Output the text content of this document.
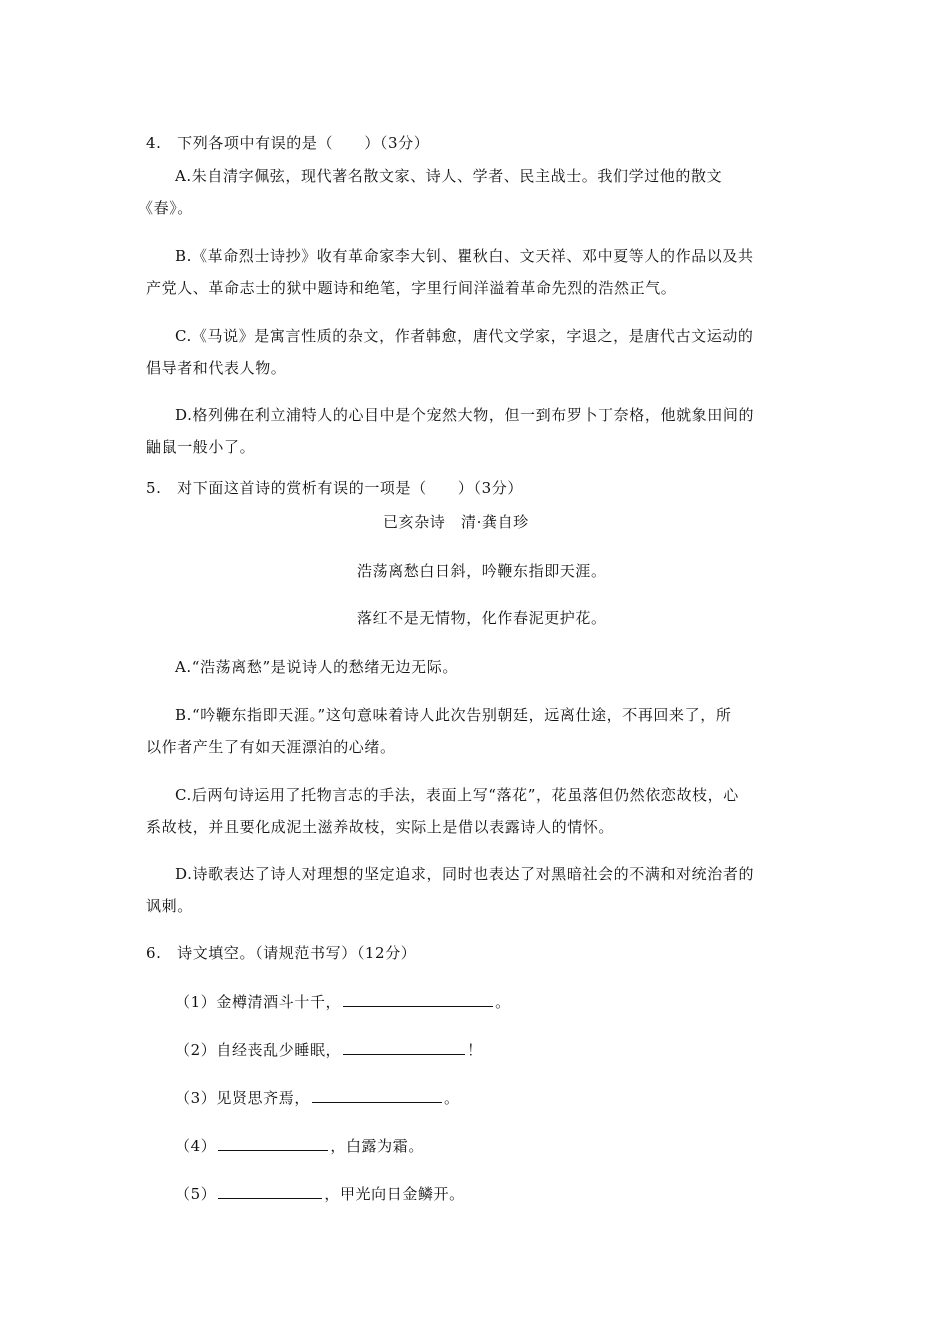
4.　下列各项中有误的是（　　）（3分）
A.朱自清字佩弦，现代著名散文家、诗人、学者、民主战士。我们学过他的散文
《春》。
B.《革命烈士诗抄》收有革命家李大钊、瞿秋白、文天祥、邓中夏等人的作品以及共
产党人、革命志士的狱中题诗和绝笔，字里行间洋溢着革命先烈的浩然正气。
C.《马说》是寓言性质的杂文，作者韩愈，唐代文学家，字退之，是唐代古文运动的
倡导者和代表人物。
D.格列佛在利立浦特人的心目中是个宠然大物，但一到布罗卜丁奈格，他就象田间的
鼬鼠一般小了。
5.　对下面这首诗的赏析有误的一项是（　　）（3分）
已亥杂诗　清·龚自珍
浩荡离愁白日斜，吟鞭东指即天涯。
落红不是无情物，化作春泥更护花。
A.“浩荡离愁”是说诗人的愁绪无边无际。
B.“吟鞭东指即天涯。”这句意味着诗人此次告别朝廷，远离仕途，不再回来了，所
以作者产生了有如天涯漂泊的心绪。
C.后两句诗运用了托物言志的手法，表面上写“落花”，花虽落但仍然依恋故枝，心
系故枝，并且要化成泥土滋养故枝，实际上是借以表露诗人的情怀。
D.诗歌表达了诗人对理想的坚定追求，同时也表达了对黑暗社会的不满和对统治者的
讽刺。
6.　诗文填空。（请规范书写）（12分）
（1）金樽清酒斗十千，	。
（2）自经丧乱少睡眠，	！
（3）见贤思齐焉，	。
（4）	，白露为霜。
（5）	，甲光向日金鳞开。
